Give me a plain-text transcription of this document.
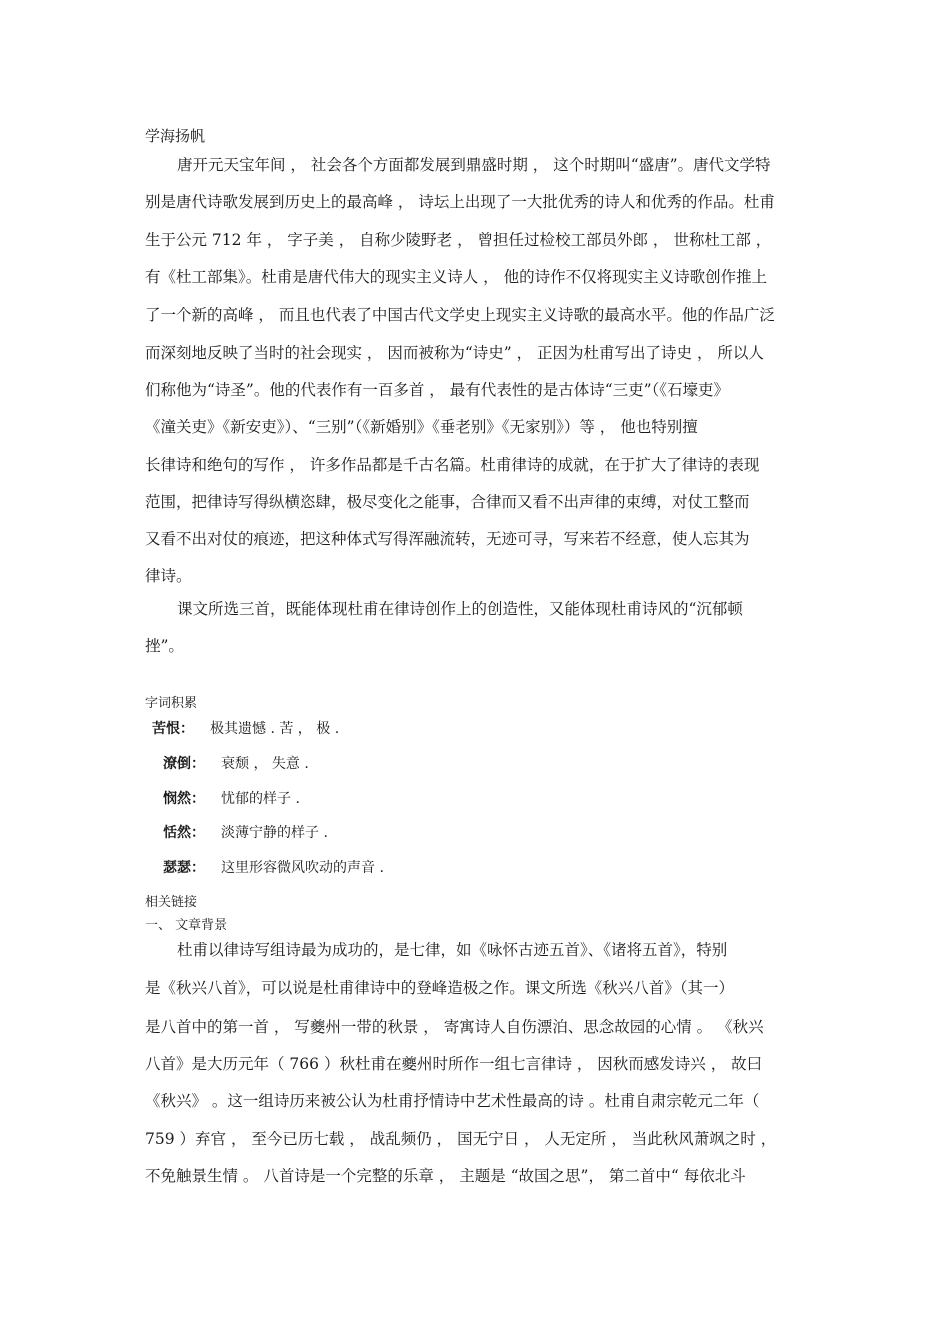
学海扬帆
唐开元天宝年间 ， 社会各个方面都发展到鼎盛时期 ， 这个时期叫“盛唐”。唐代文学特
别是唐代诗歌发展到历史上的最高峰 ， 诗坛上出现了一大批优秀的诗人和优秀的作品。杜甫
生于公元 712 年 ， 字子美 ， 自称少陵野老 ， 曾担任过检校工部员外郎 ， 世称杜工部 ，
有《杜工部集》。杜甫是唐代伟大的现实主义诗人 ， 他的诗作不仅将现实主义诗歌创作推上
了一个新的高峰 ， 而且也代表了中国古代文学史上现实主义诗歌的最高水平。他的作品广泛
而深刻地反映了当时的社会现实 ， 因而被称为“诗史” ， 正因为杜甫写出了诗史 ， 所以人
们称他为“诗圣”。他的代表作有一百多首 ， 最有代表性的是古体诗“三吏”（《石壕吏》
《潼关吏》《新安吏》）、“三别”（《新婚别》《垂老别》《无家别》）等 ， 他也特别擅
长律诗和绝句的写作 ， 许多作品都是千古名篇。杜甫律诗的成就，在于扩大了律诗的表现
范围，把律诗写得纵横恣肆，极尽变化之能事，合律而又看不出声律的束缚，对仗工整而
又看不出对仗的痕迹，把这种体式写得浑融流转，无迹可寻，写来若不经意，使人忘其为
律诗。
课文所选三首，既能体现杜甫在律诗创作上的创造性，又能体现杜甫诗风的“沉郁顿
挫”。
字词积累
苦恨： 极其遗憾 . 苦 ， 极 .
潦倒： 衰颓 ， 失意 .
悯然： 忧郁的样子 .
恬然： 淡薄宁静的样子 .
瑟瑟： 这里形容微风吹动的声音 .
相关链接
一、 文章背景
杜甫以律诗写组诗最为成功的，是七律，如《咏怀古迹五首》、《诸将五首》，特别
是《秋兴八首》，可以说是杜甫律诗中的登峰造极之作。课文所选《秋兴八首》（其一）
是八首中的第一首 ， 写夔州一带的秋景 ， 寄寓诗人自伤漂泊、思念故园的心情 。 《秋兴
八首》是大历元年（ 766 ）秋杜甫在夔州时所作一组七言律诗 ， 因秋而感发诗兴 ， 故曰
《秋兴》 。这一组诗历来被公认为杜甫抒情诗中艺术性最高的诗 。杜甫自肃宗乾元二年（
759 ）弃官 ， 至今已历七载 ， 战乱频仍 ， 国无宁日 ， 人无定所 ， 当此秋风萧飒之时 ，
不免触景生情 。 八首诗是一个完整的乐章 ， 主题是 “故国之思”， 第二首中“ 每依北斗
